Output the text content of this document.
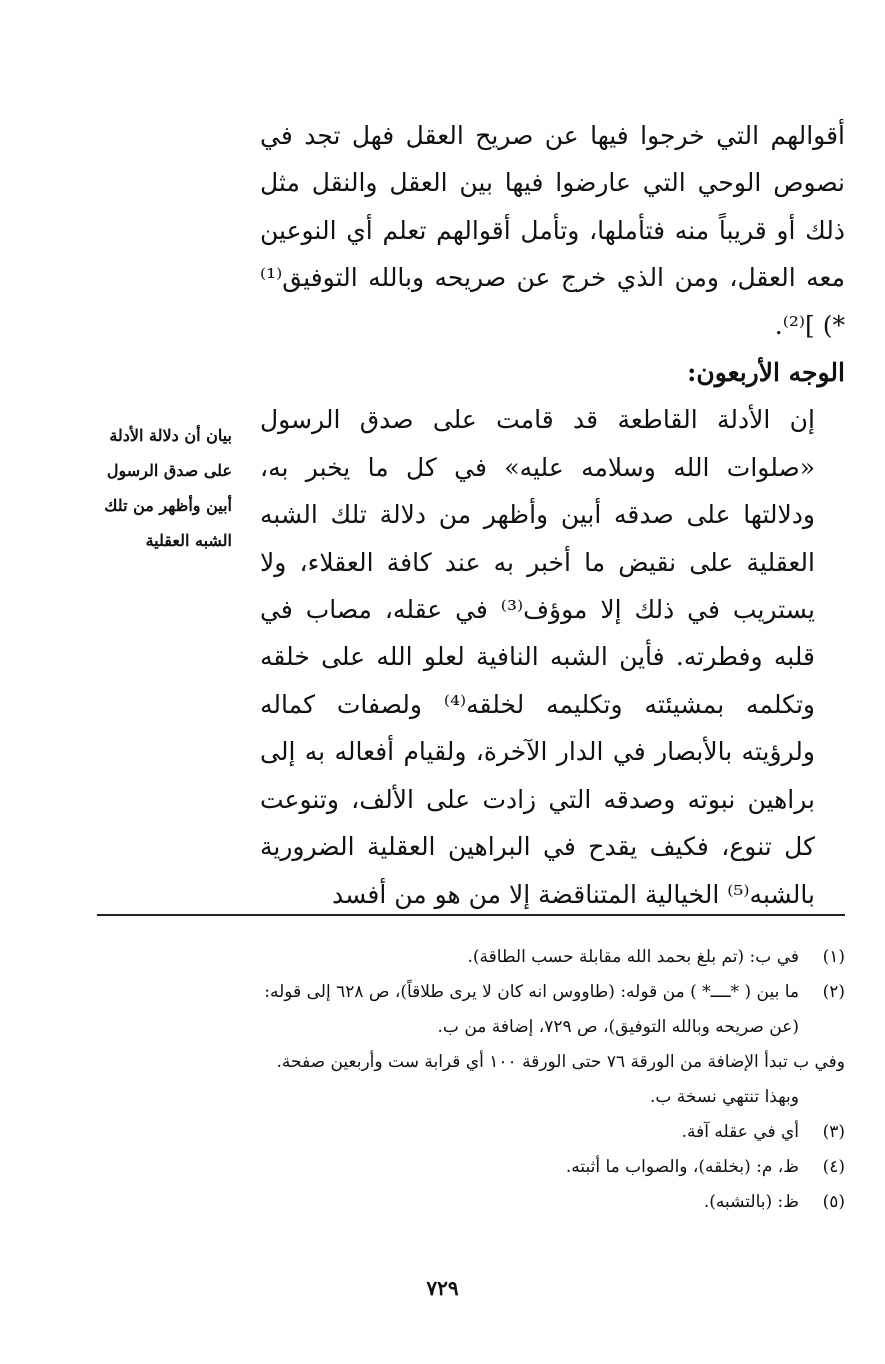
أقوالهم التي خرجوا فيها عن صريح العقل فهل تجد في نصوص الوحي التي عارضوا فيها بين العقل والنقل مثل ذلك أو قريباً منه فتأملها، وتأمل أقوالهم تعلم أي النوعين معه العقل، ومن الذي خرج عن صريحه وبالله التوفيق⁽¹⁾ *) ]⁽²⁾.

الوجه الأربعون:

إن الأدلة القاطعة قد قامت على صدق الرسول «صلوات الله وسلامه عليه» في كل ما يخبر به، ودلالتها على صدقه أبين وأظهر من دلالة تلك الشبه العقلية على نقيض ما أخبر به عند كافة العقلاء، ولا يستريب في ذلك إلا موؤف⁽³⁾ في عقله، مصاب في قلبه وفطرته. فأين الشبه النافية لعلو الله على خلقه وتكلمه بمشيئته وتكليمه لخلقه⁽⁴⁾ ولصفات كماله ولرؤيته بالأبصار في الدار الآخرة، ولقيام أفعاله به إلى براهين نبوته وصدقه التي زادت على الألف، وتنوعت كل تنوع، فكيف يقدح في البراهين العقلية الضرورية بالشبه⁽⁵⁾ الخيالية المتناقضة إلا من هو من أفسد

بيان أن دلالة الأدلة على صدق الرسول أبين وأظهر من تلك الشبه العقلية

(١)في ب: (تم بلغ بحمد الله مقابلة حسب الطاقة).

(٢)ما بين ( *ــــ* ) من قوله: (طاووس انه كان لا يرى طلاقاً)، ص ٦٢٨ إلى قوله:

(عن صريحه وبالله التوفيق)، ص ٧٢٩، إضافة من ب.

وفي ب تبدأ الإضافة من الورقة ٧٦ حتى الورقة ١٠٠ أي قرابة ست وأربعين صفحة.

وبهذا تنتهي نسخة ب.

(٣)أي في عقله آفة.

(٤)ظ، م: (بخلقه)، والصواب ما أثبته.

(٥)ظ: (بالتشبه).

٧٢٩
